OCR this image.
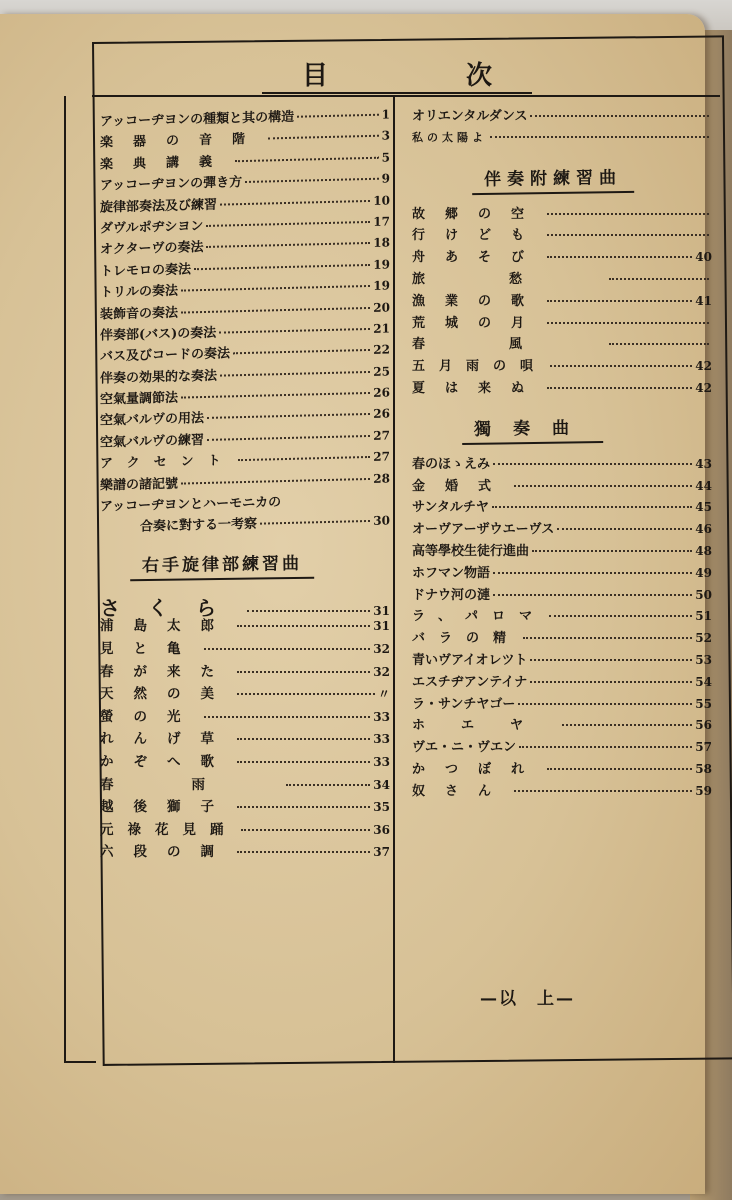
目	次
アッコーヂヨンの種類と其の構造	1
楽器の音階	3
楽典講義	5
アッコーヂヨンの彈き方	9
旋律部奏法及び練習	10
ダヴルポヂシヨン	17
オクターヴの奏法	18
トレモロの奏法	19
トリルの奏法	19
装飾音の奏法	20
伴奏部(バス)の奏法	21
バス及びコードの奏法	22
伴奏の効果的な奏法	25
空氣量調節法	26
空氣バルヴの用法	26
空氣バルヴの練習	27
アクセント	27
樂譜の諸記號	28
アッコーヂヨンとハーモニカの
合奏に對する一考察	30
右手旋律部練習曲
さくら	31
浦島太郎	31
見と亀	32
春が来た	32
天然の美	〃
螢の光	33
れんげ草	33
かぞへ歌	33
春雨	34
越後獅子	35
元祿花見踊	36
六段の調	37
オリエンタルダンス
私の太陽よ
伴奏附練習曲
故郷の空
行けども
舟あそび	40
旅愁
漁業の歌	41
荒城の月
春風
五月雨の唄	42
夏は来ぬ	42
獨奏曲
春のほゝえみ	43
金婚式	44
サンタルチヤ	45
オーヴアーザウエーヴス	46
高等學校生徒行進曲	48
ホフマン物語	49
ドナウ河の漣	50
ラ、パロマ	51
バラの精	52
青いヴアイオレツト	53
エスチヂアンテイナ	54
ラ・サンチヤゴー	55
ホエヤ	56
ヴエ・ニ・ヴエン	57
かつぼれ	58
奴さん	59
—以　上—
